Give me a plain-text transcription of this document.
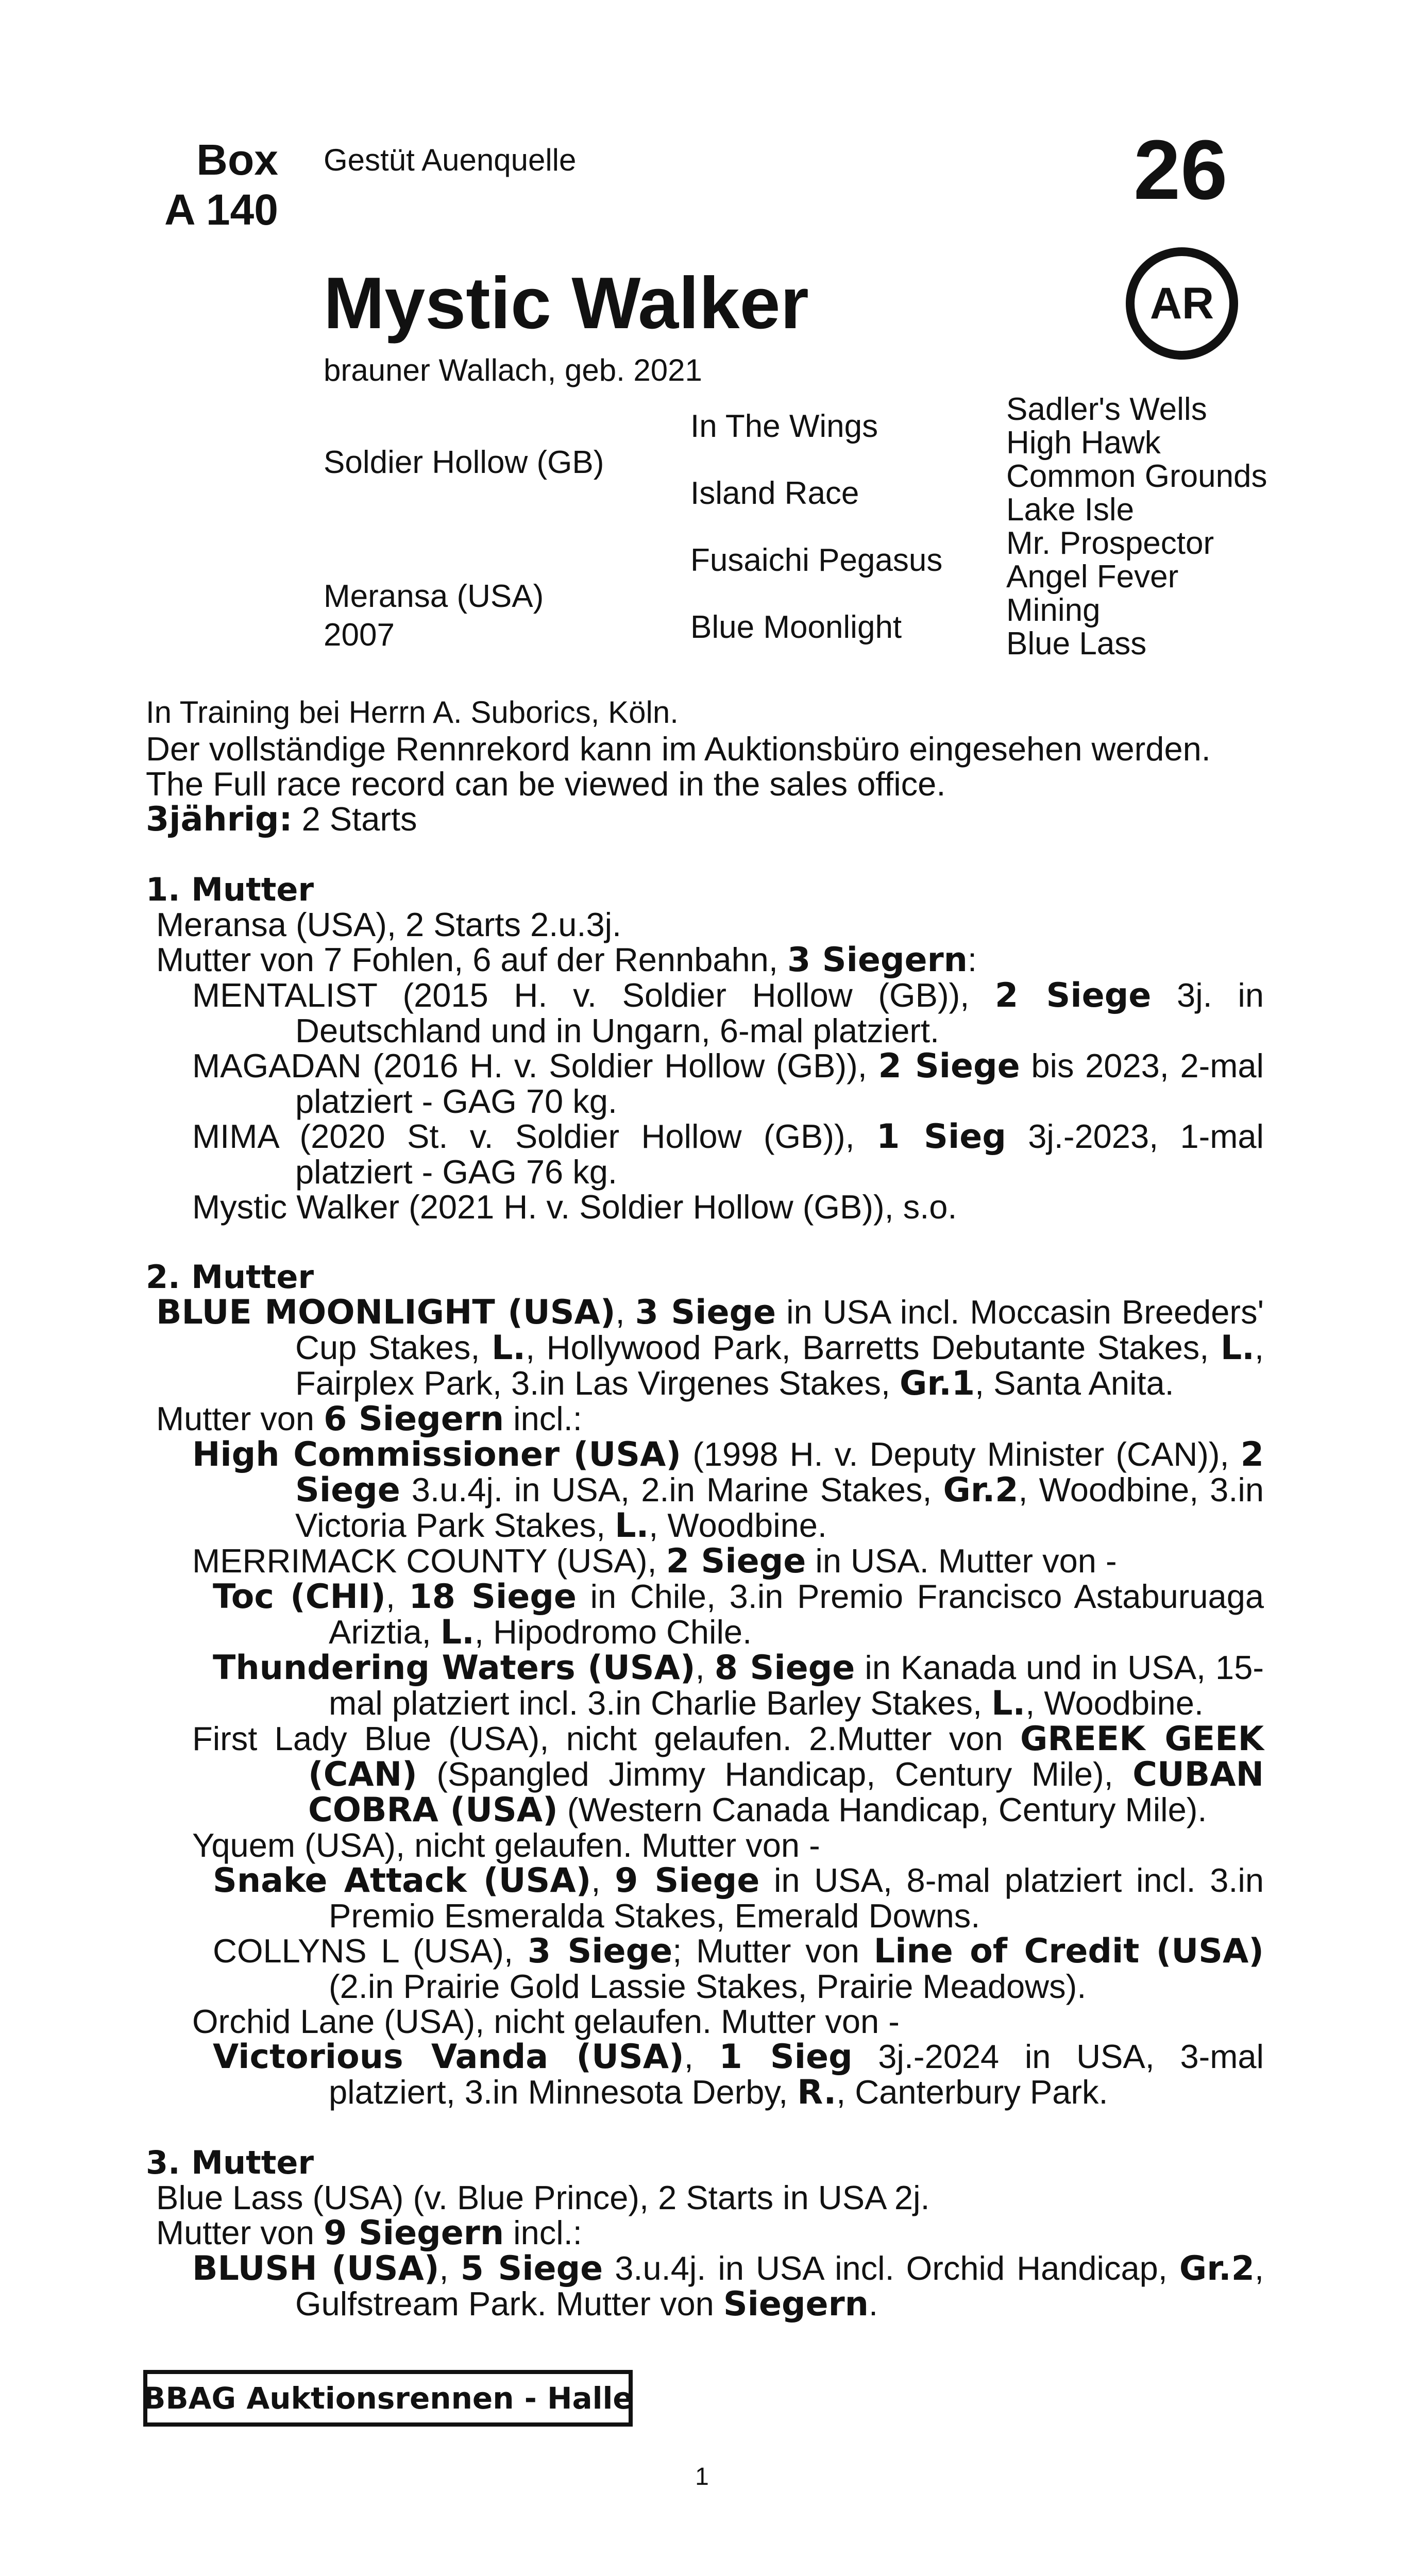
Box
A 140
Gestüt Auenquelle	26
AR
Mystic Walker
brauner Wallach, geb. 2021
Soldier Hollow (GB)
Meransa (USA)
2007
In The Wings
Island Race
Fusaichi Pegasus
Blue Moonlight
Sadler's Wells
High Hawk
Common Grounds
Lake Isle
Mr. Prospector
Angel Fever
Mining
Blue Lass
In Training bei Herrn A. Suborics, Köln.

Der vollständige Rennrekord kann im Auktionsbüro eingesehen werden.

The Full race record can be viewed in the sales office.

3jährig: 2 Starts

1. Mutter

Meransa (USA), 2 Starts 2.u.3j.

Mutter von 7 Fohlen, 6 auf der Rennbahn, 3 Siegern:

MENTALIST (2015 H. v. Soldier Hollow (GB)), 2 Siege 3j. in Deutschland und in Ungarn, 6-mal platziert.

MAGADAN (2016 H. v. Soldier Hollow (GB)), 2 Siege bis 2023, 2-mal platziert - GAG 70 kg.

MIMA (2020 St. v. Soldier Hollow (GB)), 1 Sieg 3j.-2023, 1-mal platziert - GAG 76 kg.

Mystic Walker (2021 H. v. Soldier Hollow (GB)), s.o.

2. Mutter

BLUE MOONLIGHT (USA), 3 Siege in USA incl. Moccasin Breeders' Cup Stakes, L., Hollywood Park, Barretts Debutante Stakes, L., Fairplex Park, 3.in Las Virgenes Stakes, Gr.1, Santa Anita.

Mutter von 6 Siegern incl.:

High Commissioner (USA) (1998 H. v. Deputy Minister (CAN)), 2 Siege 3.u.4j. in USA, 2.in Marine Stakes, Gr.2, Woodbine, 3.in Victoria Park Stakes, L., Woodbine.

MERRIMACK COUNTY (USA), 2 Siege in USA. Mutter von -

Toc (CHI), 18 Siege in Chile, 3.in Premio Francisco Astaburuaga Ariztia, L., Hipodromo Chile.

Thundering Waters (USA), 8 Siege in Kanada und in USA, 15-mal platziert incl. 3.in Charlie Barley Stakes, L., Woodbine.

First Lady Blue (USA), nicht gelaufen. 2.Mutter von GREEK GEEK (CAN) (Spangled Jimmy Handicap, Century Mile), CUBAN COBRA (USA) (Western Canada Handicap, Century Mile).

Yquem (USA), nicht gelaufen. Mutter von -

Snake Attack (USA), 9 Siege in USA, 8-mal platziert incl. 3.in Premio Esmeralda Stakes, Emerald Downs.

COLLYNS L (USA), 3 Siege; Mutter von Line of Credit (USA) (2.in Prairie Gold Lassie Stakes, Prairie Meadows).

Orchid Lane (USA), nicht gelaufen. Mutter von -

Victorious Vanda (USA), 1 Sieg 3j.-2024 in USA, 3-mal platziert, 3.in Minnesota Derby, R., Canterbury Park.

3. Mutter

Blue Lass (USA) (v. Blue Prince), 2 Starts in USA 2j.

Mutter von 9 Siegern incl.:

BLUSH (USA), 5 Siege 3.u.4j. in USA incl. Orchid Handicap, Gr.2, Gulfstream Park. Mutter von Siegern.

BBAG Auktionsrennen - Halle
1
